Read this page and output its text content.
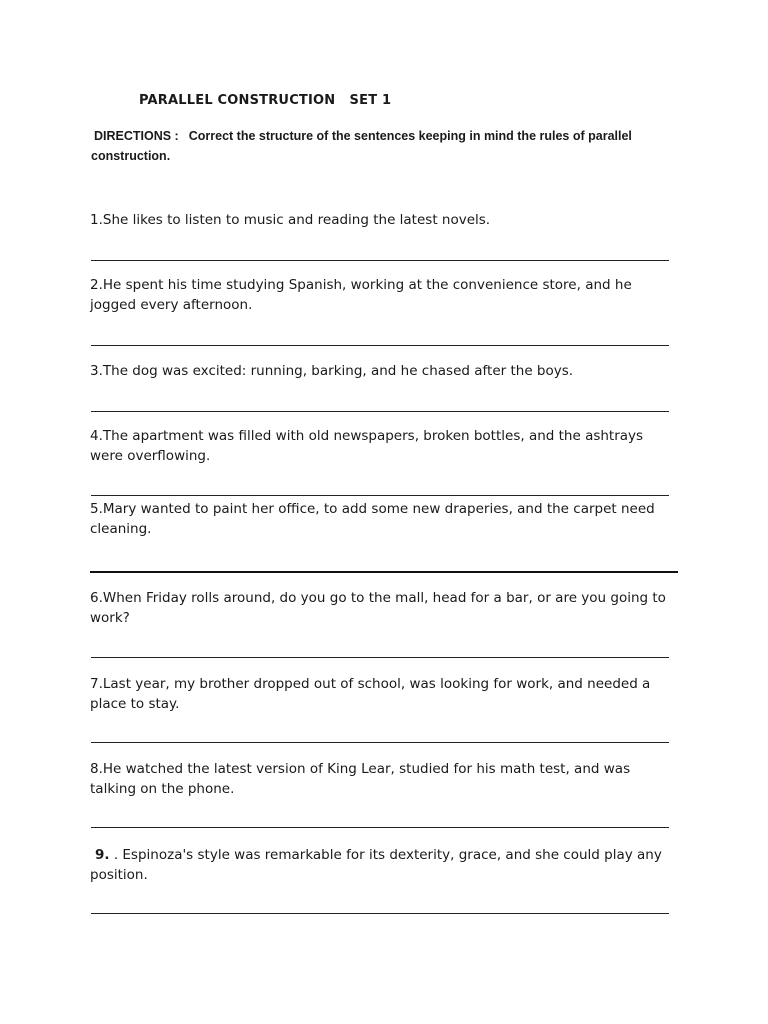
PARALLEL CONSTRUCTION   SET 1
DIRECTIONS : Correct the structure of the sentences keeping in mind the rules of parallel construction.
1.She likes to listen to music and reading the latest novels.
2.He spent his time studying Spanish, working at the convenience store, and he jogged every afternoon.
3.The dog was excited: running, barking, and he chased after the boys.
4.The apartment was filled with old newspapers, broken bottles, and the ashtrays were overflowing.
5.Mary wanted to paint her office, to add some new draperies, and the carpet need cleaning.
6.When Friday rolls around, do you go to the mall, head for a bar, or are you going to work?
7.Last year, my brother dropped out of school, was looking for work, and needed a place to stay.
8.He watched the latest version of King Lear, studied for his math test, and was talking on the phone.
9. . Espinoza's style was remarkable for its dexterity, grace, and she could play any position.
